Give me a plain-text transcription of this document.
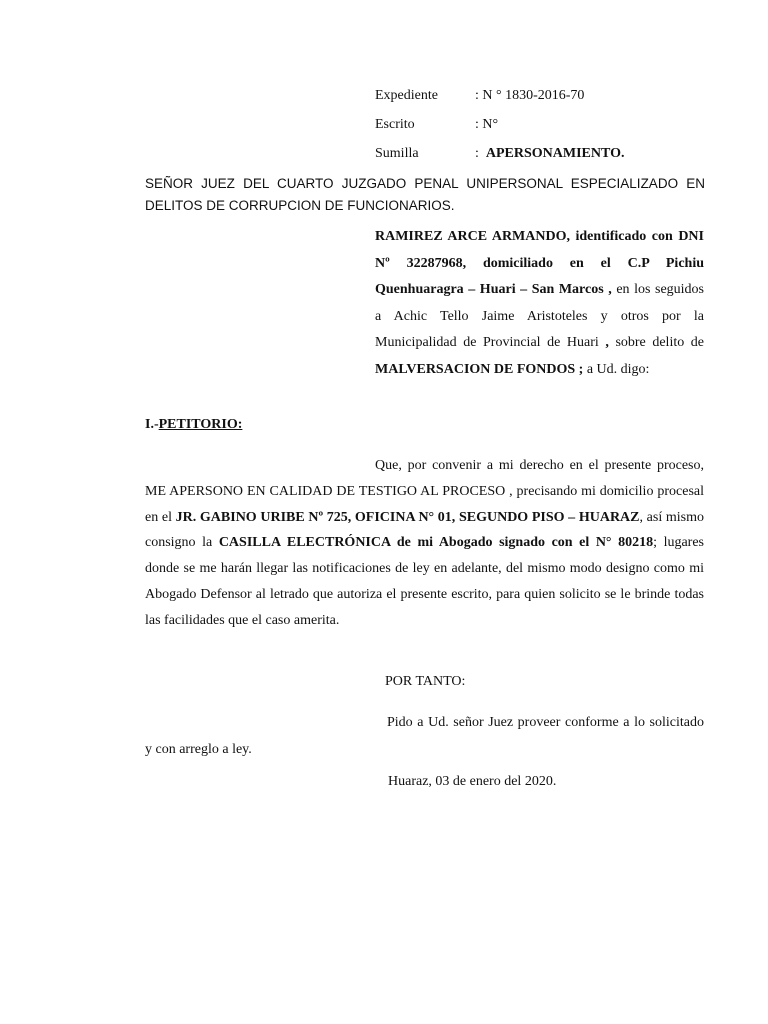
Expediente	: N ° 1830-2016-70
Escrito	: N°
Sumilla	: APERSONAMIENTO.
SEÑOR JUEZ DEL CUARTO JUZGADO PENAL UNIPERSONAL ESPECIALIZADO EN DELITOS DE CORRUPCION DE FUNCIONARIOS.
RAMIREZ ARCE ARMANDO, identificado con DNI Nº 32287968, domiciliado en el C.P Pichiu Quenhuaragra – Huari – San Marcos , en los seguidos a Achic Tello Jaime Aristoteles y otros por la Municipalidad de Provincial de Huari , sobre delito de MALVERSACION DE FONDOS ; a Ud. digo:
I.-PETITORIO:
Que, por convenir a mi derecho en el presente proceso, ME APERSONO EN CALIDAD DE TESTIGO AL PROCESO , precisando mi domicilio procesal en el JR. GABINO URIBE Nº 725, OFICINA N° 01, SEGUNDO PISO – HUARAZ, así mismo consigno la CASILLA ELECTRÓNICA de mi Abogado signado con el N° 80218; lugares donde se me harán llegar las notificaciones de ley en adelante, del mismo modo designo como mi Abogado Defensor al letrado que autoriza el presente escrito, para quien solicito se le brinde todas las facilidades que el caso amerita.
POR TANTO:
Pido a Ud. señor Juez proveer conforme a lo solicitado y con arreglo a ley.
Huaraz, 03 de enero del 2020.
